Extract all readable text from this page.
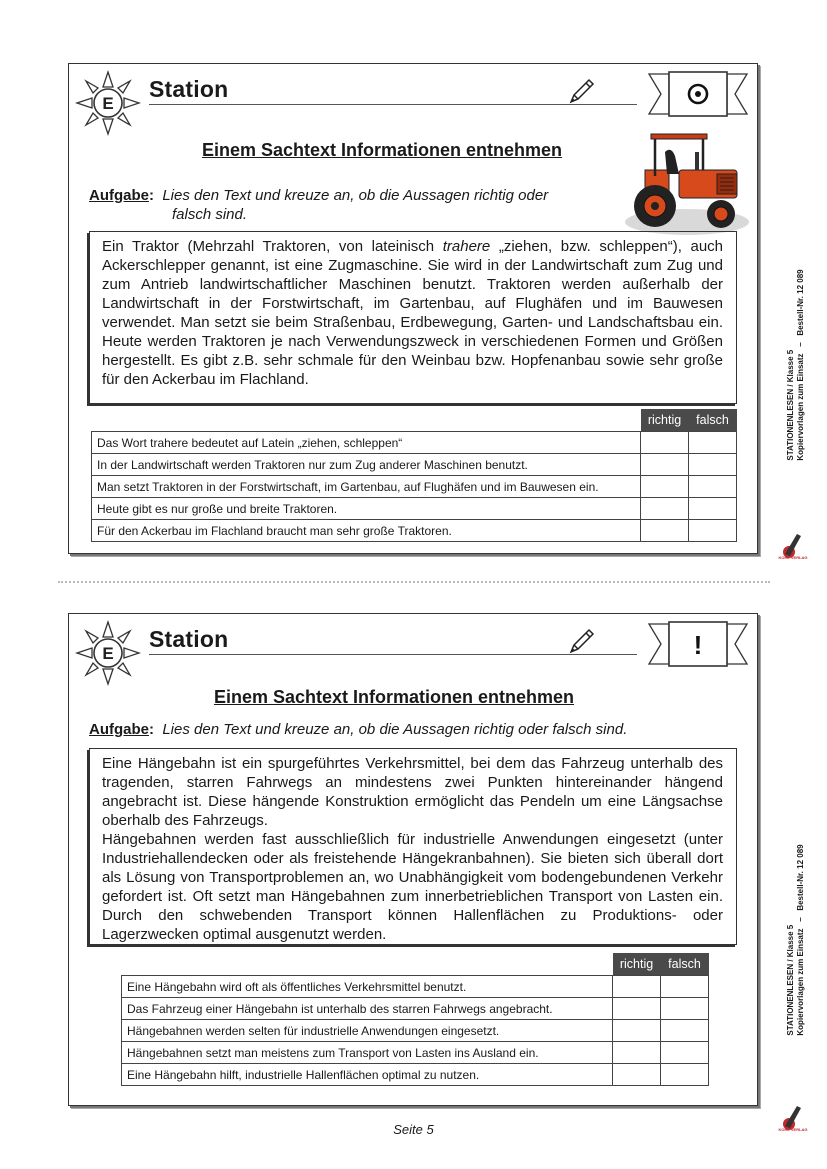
E
Station
Einem Sachtext Informationen entnehmen
Aufgabe: Lies den Text und kreuze an, ob die Aussagen richtig oder
falsch sind.

Ein Traktor (Mehrzahl Traktoren, von lateinisch trahere „ziehen, bzw. schleppen“), auch Ackerschlepper genannt, ist eine Zugmaschine. Sie wird in der Landwirtschaft zum Zug und zum Antrieb landwirtschaftlicher Maschinen benutzt. Traktoren werden außerhalb der Landwirtschaft in der Forstwirtschaft, im Gartenbau, auf Flughäfen und im Bauwesen verwendet. Man setzt sie beim Straßenbau, Erdbewegung, Garten- und Landschaftsbau ein. Heute werden Traktoren je nach Verwendungszweck in verschiedenen Formen und Größen hergestellt. Es gibt z.B. sehr schmale für den Weinbau bzw. Hopfenanbau sowie sehr große für den Ackerbau im Flachland.

	richtig	falsch
Das Wort trahere bedeutet auf Latein „ziehen, schleppen“		
In der Landwirtschaft werden Traktoren nur zum Zug anderer Maschinen benutzt.		
Man setzt Traktoren in der Forstwirtschaft, im Gartenbau, auf Flughäfen und im Bauwesen ein.		
Heute gibt es nur große und breite Traktoren.		
Für den Ackerbau im Flachland braucht man sehr große Traktoren.		
E
Station	!
Einem Sachtext Informationen entnehmen
Aufgabe: Lies den Text und kreuze an, ob die Aussagen richtig oder falsch sind.

Eine Hängebahn ist ein spurgeführtes Verkehrsmittel, bei dem das Fahrzeug unterhalb des tragenden, starren Fahrwegs an mindestens zwei Punkten hintereinander hängend angebracht ist. Diese hängende Konstruktion ermöglicht das Pendeln um eine Längsachse oberhalb des Fahrzeugs.

Hängebahnen werden fast ausschließlich für industrielle Anwendungen eingesetzt (unter Industriehallendecken oder als freistehende Hängekranbahnen). Sie bieten sich überall dort als Lösung von Transportproblemen an, wo Unabhängigkeit vom bodengebundenen Verkehr gefordert ist. Oft setzt man Hängebahnen zum innerbetrieblichen Transport von Lasten ein. Durch den schwebenden Transport können Hallenflächen zu Produktions- oder Lagerzwecken optimal ausgenutzt werden.

	richtig	falsch
Eine Hängebahn wird oft als öffentliches Verkehrsmittel benutzt.		
Das Fahrzeug einer Hängebahn ist unterhalb des starren Fahrwegs angebracht.		
Hängebahnen werden selten für industrielle Anwendungen eingesetzt.		
Hängebahnen setzt man meistens zum Transport von Lasten ins Ausland ein.		
Eine Hängebahn hilft, industrielle Hallenflächen optimal zu nutzen.		
STATIONENLESEN / Klasse 5
Kopiervorlagen zum Einsatz   –   Bestell-Nr. 12 089
KOHL VERLAG
STATIONENLESEN / Klasse 5
Kopiervorlagen zum Einsatz   –   Bestell-Nr. 12 089
KOHL VERLAG
Seite 5
